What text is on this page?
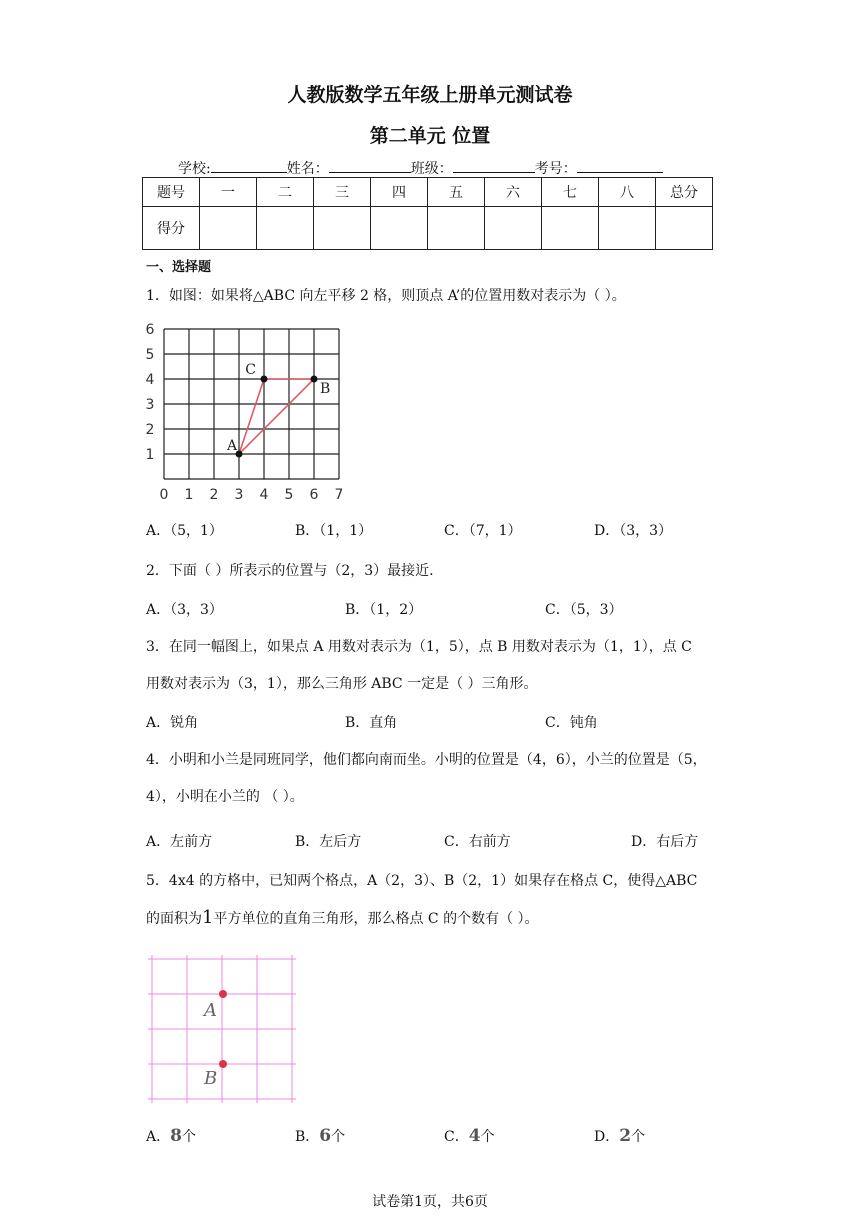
人教版数学五年级上册单元测试卷
第二单元 位置
学校:	姓名：	班级：	考号：
题号	一	二	三	四	五	六	七	八	总分
得分									
一、选择题
1．如图：如果将△ABC 向左平移 2 格，则顶点 A’的位置用数对表示为（ ）。
6
5
4
3
2
1
0 1 2 3 4 5 6 7
A
B
C
A．（5，1）	B．（1，1）	C．（7，1）	D．（3，3）
2．下面（ ）所表示的位置与（2，3）最接近.
A．（3，3）	B．（1，2）	C．（5，3）
3．在同一幅图上，如果点 A 用数对表示为（1，5），点 B 用数对表示为（1，1），点 C
用数对表示为（3，1），那么三角形 ABC 一定是（ ）三角形。
A．锐角	B．直角	C．钝角
4．小明和小兰是同班同学，他们都向南而坐。小明的位置是（4，6），小兰的位置是（5，
4），小明在小兰的 （ ）。
A．左前方	B．左后方	C．右前方	D．右后方
5．4x4 的方格中，已知两个格点，A（2，3）、B（2，1）如果存在格点 C，使得△ABC
的面积为1平方单位的直角三角形，那么格点 C 的个数有（ ）。
A
B
A．8个	B．6个	C．4个	D．2个
试卷第1页，共6页
